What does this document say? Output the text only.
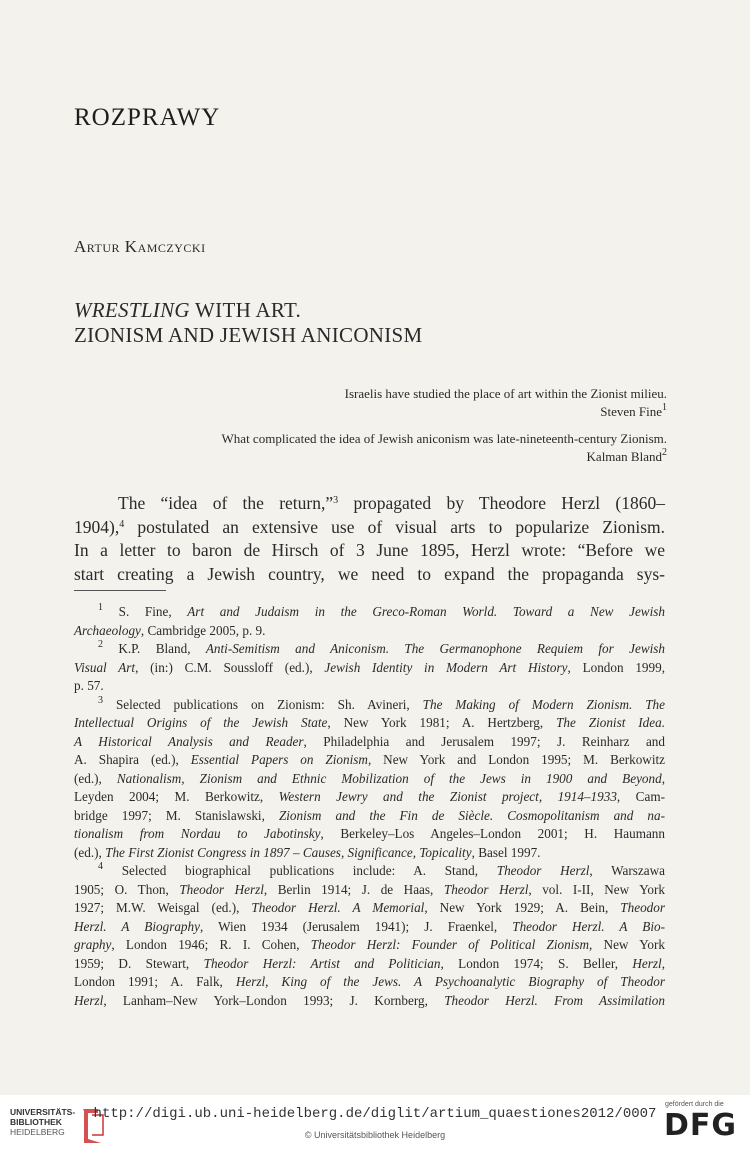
ROZPRAWY
Artur Kamczycki
WRESTLING WITH ART.
ZIONISM AND JEWISH ANICONISM
Israelis have studied the place of art within the Zionist milieu.
Steven Fine$^1$
What complicated the idea of Jewish aniconism was late-nineteenth-century Zionism.
Kalman Bland$^2$
The “idea of the return,”$^3$ propagated by Theodore Herzl (1860–
1904),$^4$ postulated an extensive use of visual arts to popularize Zionism.
In a letter to baron de Hirsch of 3 June 1895, Herzl wrote: “Before we
start creating a Jewish country, we need to expand the propaganda sys-
$^1$ S. Fine, Art and Judaism in the Greco-Roman World. Toward a New Jewish
Archaeology, Cambridge 2005, p. 9.
$^2$ K.P. Bland, Anti-Semitism and Aniconism. The Germanophone Requiem for Jewish
Visual Art, (in:) C.M. Soussloff (ed.), Jewish Identity in Modern Art History, London 1999,
p. 57.
$^3$ Selected publications on Zionism: Sh. Avineri, The Making of Modern Zionism. The
Intellectual Origins of the Jewish State, New York 1981; A. Hertzberg, The Zionist Idea.
A Historical Analysis and Reader, Philadelphia and Jerusalem 1997; J. Reinharz and
A. Shapira (ed.), Essential Papers on Zionism, New York and London 1995; M. Berkowitz
(ed.), Nationalism, Zionism and Ethnic Mobilization of the Jews in 1900 and Beyond,
Leyden 2004; M. Berkowitz, Western Jewry and the Zionist project, 1914–1933, Cam-
bridge 1997; M. Stanislawski, Zionism and the Fin de Siècle. Cosmopolitanism and na-
tionalism from Nordau to Jabotinsky, Berkeley–Los Angeles–London 2001; H. Haumann
(ed.), The First Zionist Congress in 1897 – Causes, Significance, Topicality, Basel 1997.
$^4$ Selected biographical publications include: A. Stand, Theodor Herzl, Warszawa
1905; O. Thon, Theodor Herzl, Berlin 1914; J. de Haas, Theodor Herzl, vol. I-II, New York
1927; M.W. Weisgal (ed.), Theodor Herzl. A Memorial, New York 1929; A. Bein, Theodor
Herzl. A Biography, Wien 1934 (Jerusalem 1941); J. Fraenkel, Theodor Herzl. A Bio-
graphy, London 1946; R. I. Cohen, Theodor Herzl: Founder of Political Zionism, New York
1959; D. Stewart, Theodor Herzl: Artist and Politician, London 1974; S. Beller, Herzl,
London 1991; A. Falk, Herzl, King of the Jews. A Psychoanalytic Biography of Theodor
Herzl, Lanham–New York–London 1993; J. Kornberg, Theodor Herzl. From Assimilation
UNIVERSITÄTS-
BIBLIOTHEK
HEIDELBERG
http://digi.ub.uni-heidelberg.de/diglit/artium_quaestiones2012/0007
© Universitätsbibliothek Heidelberg
gefördert durch die
DFG
